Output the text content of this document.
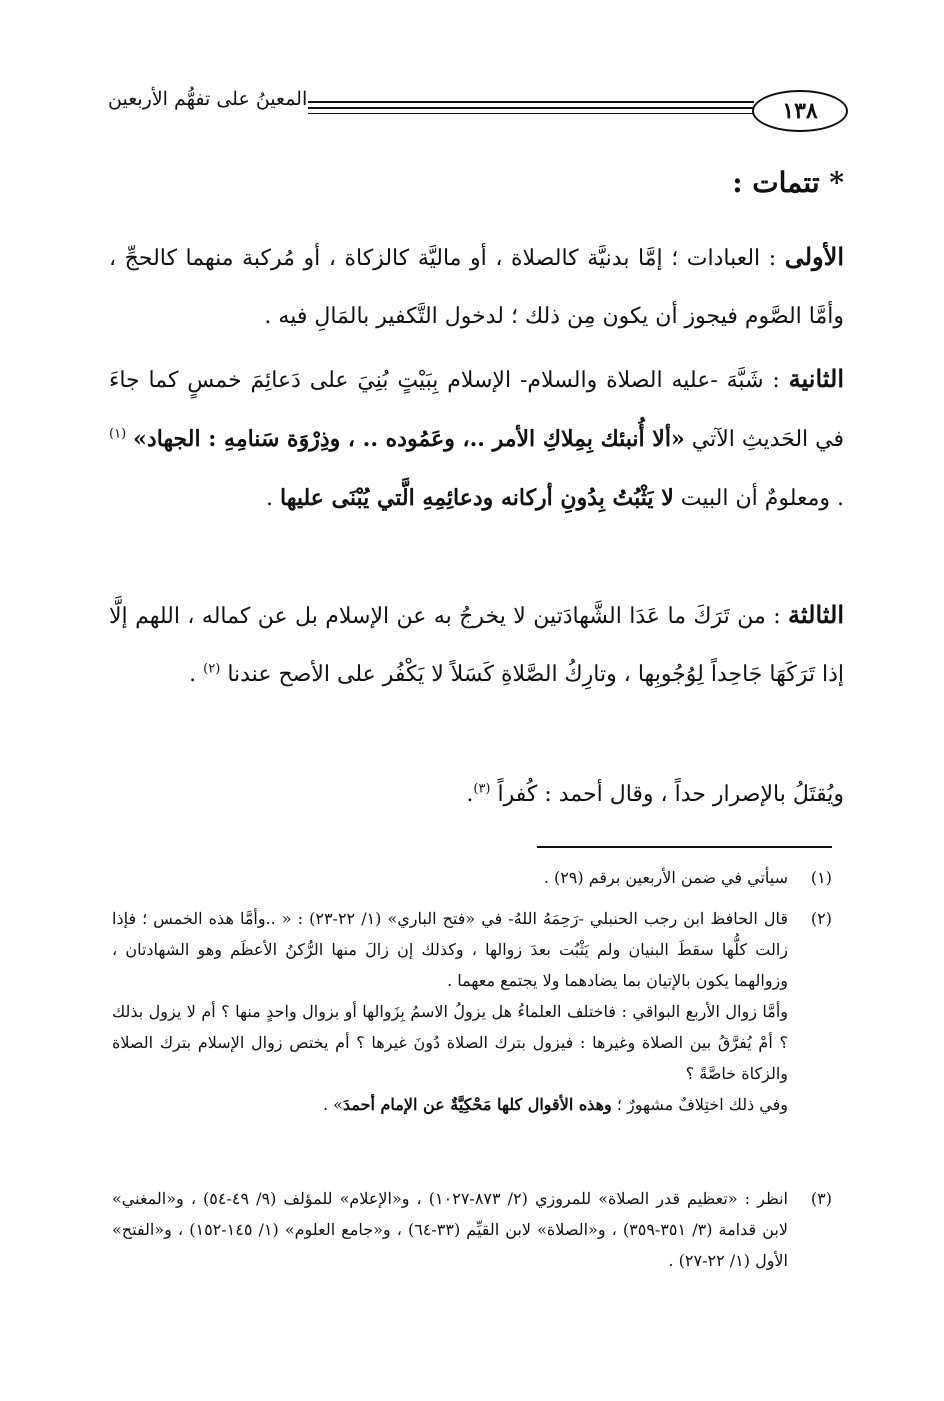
١٣٨
المعينُ على تفهُّم الأربعين
* تتمات :
الأولى : العبادات ؛ إمَّا بدنيَّة كالصلاة ، أو ماليَّة كالزكاة ، أو مُركبة منهما كالحجِّ ، وأمَّا الصَّوم فيجوز أن يكون مِن ذلك ؛ لدخول التَّكفير بالمَالِ فيه .
الثانية : شَبَّهَ -عليه الصلاة والسلام- الإسلام بِبَيْتٍ بُنِيَ على دَعائِمَ خمسٍ كما جاءَ في الحَديثِ الآتي «ألا أُنبئك بِمِلاكِ الأمر ..، وعَمُوده .. ، وذِرْوَة سَنامِهِ : الجهاد» $^{(١)}$ . ومعلومٌ أن البيت لا يَثْبُتُ بِدُونِ أركانه ودعائِمِهِ الَّتي يُبْنَى عليها .
الثالثة : من تَرَكَ ما عَدَا الشَّهادَتين لا يخرجُ به عن الإسلام بل عن كماله ، اللهم إلَّا إذا تَرَكَهَا جَاحِداً لِوُجُوبِها ، وتارِكُ الصَّلاةِ كَسَلاً لا يَكْفُر على الأصح عندنا $^{(٢)}$ .
ويُقتَلُ بالإصرار حداً ، وقال أحمد : كُفراً $^{(٣)}$.
(١)
سيأتي في ضمن الأربعين برقم (٢٩) .
(٢)
قال الحافظ ابن رجب الحنبلي -رَحِمَهُ اللهُ- في «فتح الباري» (١/ ٢٢-٢٣) : « ..وأمَّا هذه الخمس ؛ فإذا زالت كلُّها سقطَ البنيان ولم يَثْبُت بعدَ زوالها ، وكذلك إن زالَ منها الرُّكنُ الأعظَم وهو الشهادتان ، وزوالهما يكون بالإتيان بما يضادهما ولا يجتمع معهما .
وأمَّا زوال الأربع البواقي : فاختلف العلماءُ هل يزولُ الاسمُ بِزَوالها أو بزوال واحدٍ منها ؟ أم لا يزول بذلك ؟ أمْ يُفرَّقُ بين الصلاة وغيرها : فيزول بترك الصلاة دُونَ غيرها ؟ أم يختص زوال الإسلام بترك الصلاة والزكاة خاصَّةً ؟
وفي ذلك اختِلافٌ مشهورٌ ؛ وهذه الأقوال كلها مَحْكِيَّةٌ عن الإمام أحمدَ» .
(٣)
انظر : «تعظيم قدر الصلاة» للمروزي (٢/ ٨٧٣-١٠٢٧) ، و«الإعلام» للمؤلف (٩/ ٤٩-٥٤) ، و«المغني» لابن قدامة (٣/ ٣٥١-٣٥٩) ، و«الصلاة» لابن القيِّم (٣٣-٦٤) ، و«جامع العلوم» (١/ ١٤٥-١٥٢) ، و«الفتح» الأول (١/ ٢٢-٢٧) .
